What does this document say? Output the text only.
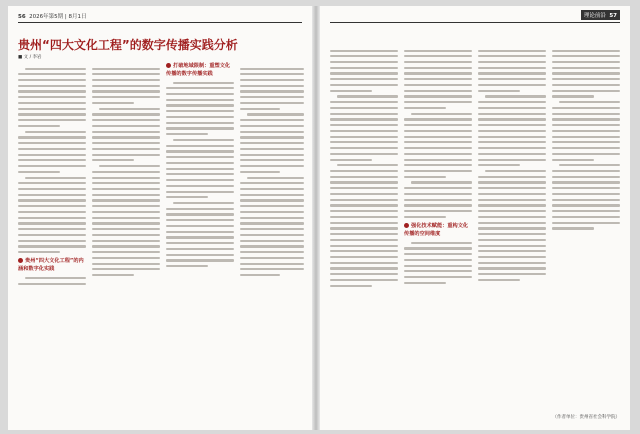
56 2026年第5期 | 8月1日
贵州“四大文化工程”的数字传播实践分析
■ 文 / 李岩
贵州“四大文化工程”的内涵和数字化实践
打破地域限制：重塑文化传播的数字传播实践
理论前沿 57
强化技术赋能：重构文化传播的空间维度
（作者单位：贵州省社会科学院）
